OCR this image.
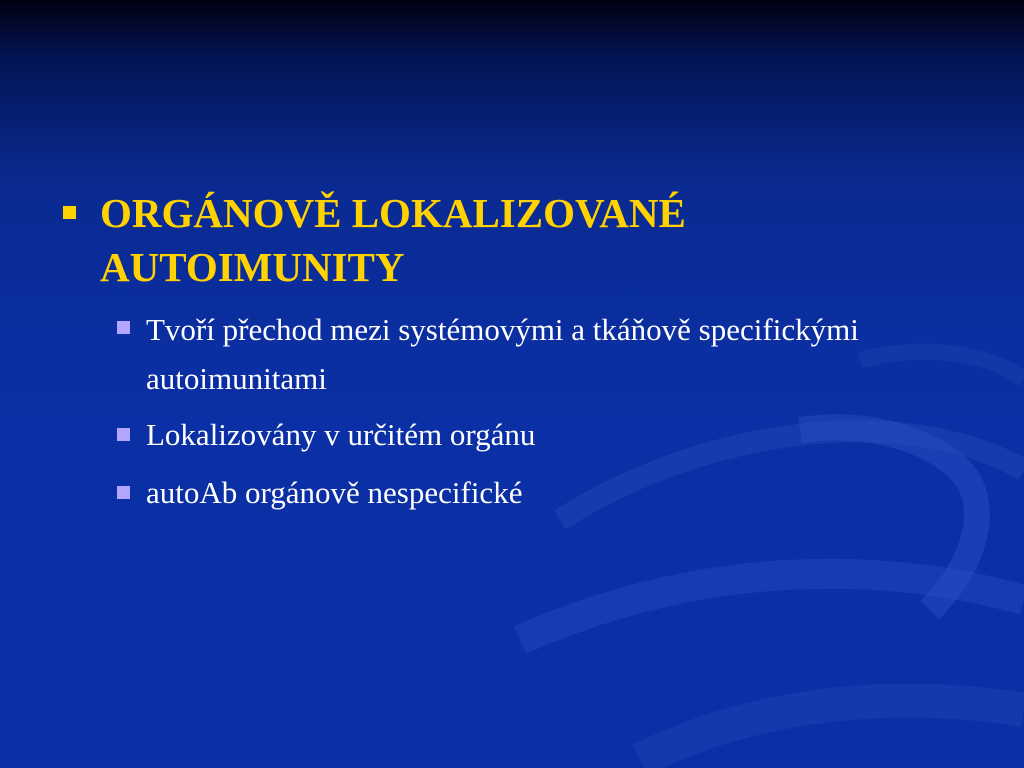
ORGÁNOVĚ LOKALIZOVANÉ AUTOIMUNITY

Tvoří přechod mezi systémovými a tkáňově specifickými autoimunitami

Lokalizovány v určitém orgánu

autoAb orgánově nespecifické
